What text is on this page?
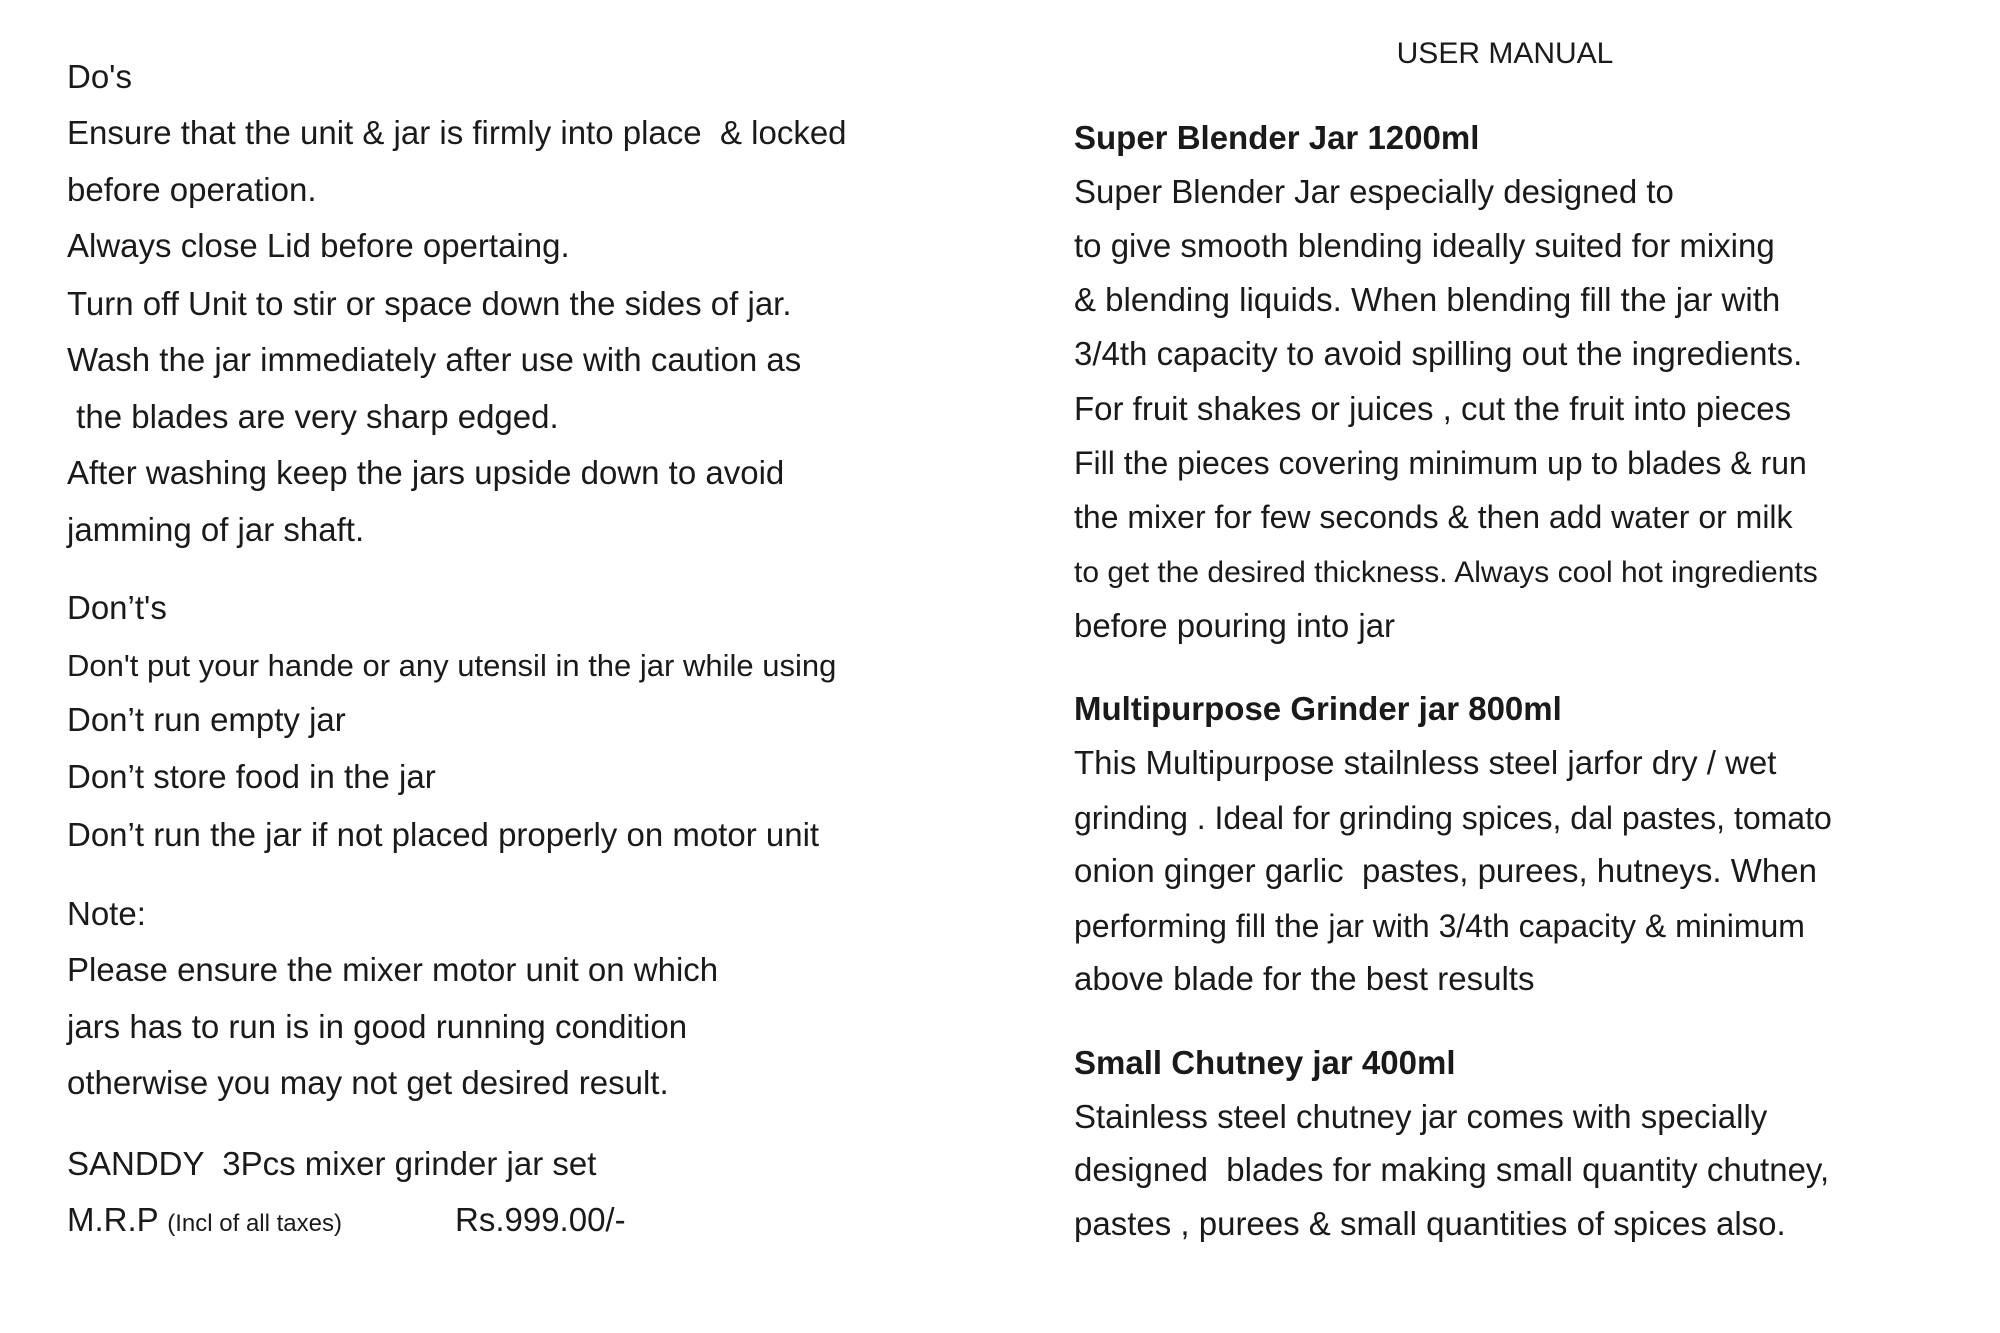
USER MANUAL
Do's
Ensure that the unit & jar is firmly into place  & locked
before operation.
Always close Lid before opertaing.
Turn off Unit to stir or space down the sides of jar.
Wash the jar immediately after use with caution as
the blades are very sharp edged.
After washing keep the jars upside down to avoid
jamming of jar shaft.
Don’t's
Don't put your hande or any utensil in the jar while using
Don’t run empty jar
Don’t store food in the jar
Don’t run the jar if not placed properly on motor unit
Note:
Please ensure the mixer motor unit on which
jars has to run is in good running condition
otherwise you may not get desired result.
SANDDY  3Pcs mixer grinder jar set
M.R.P (Incl of all taxes)	Rs.999.00/-
Super Blender Jar 1200ml
Super Blender Jar especially designed to
to give smooth blending ideally suited for mixing
& blending liquids. When blending fill the jar with
3/4th capacity to avoid spilling out the ingredients.
For fruit shakes or juices , cut the fruit into pieces
Fill the pieces covering minimum up to blades & run
the mixer for few seconds & then add water or milk
to get the desired thickness. Always cool hot ingredients
before pouring into jar
Multipurpose Grinder jar 800ml
This Multipurpose stailnless steel jarfor dry / wet
grinding . Ideal for grinding spices, dal pastes, tomato
onion ginger garlic  pastes, purees, hutneys. When
performing fill the jar with 3/4th capacity & minimum
above blade for the best results
Small Chutney jar 400ml
Stainless steel chutney jar comes with specially
designed  blades for making small quantity chutney,
pastes , purees & small quantities of spices also.
